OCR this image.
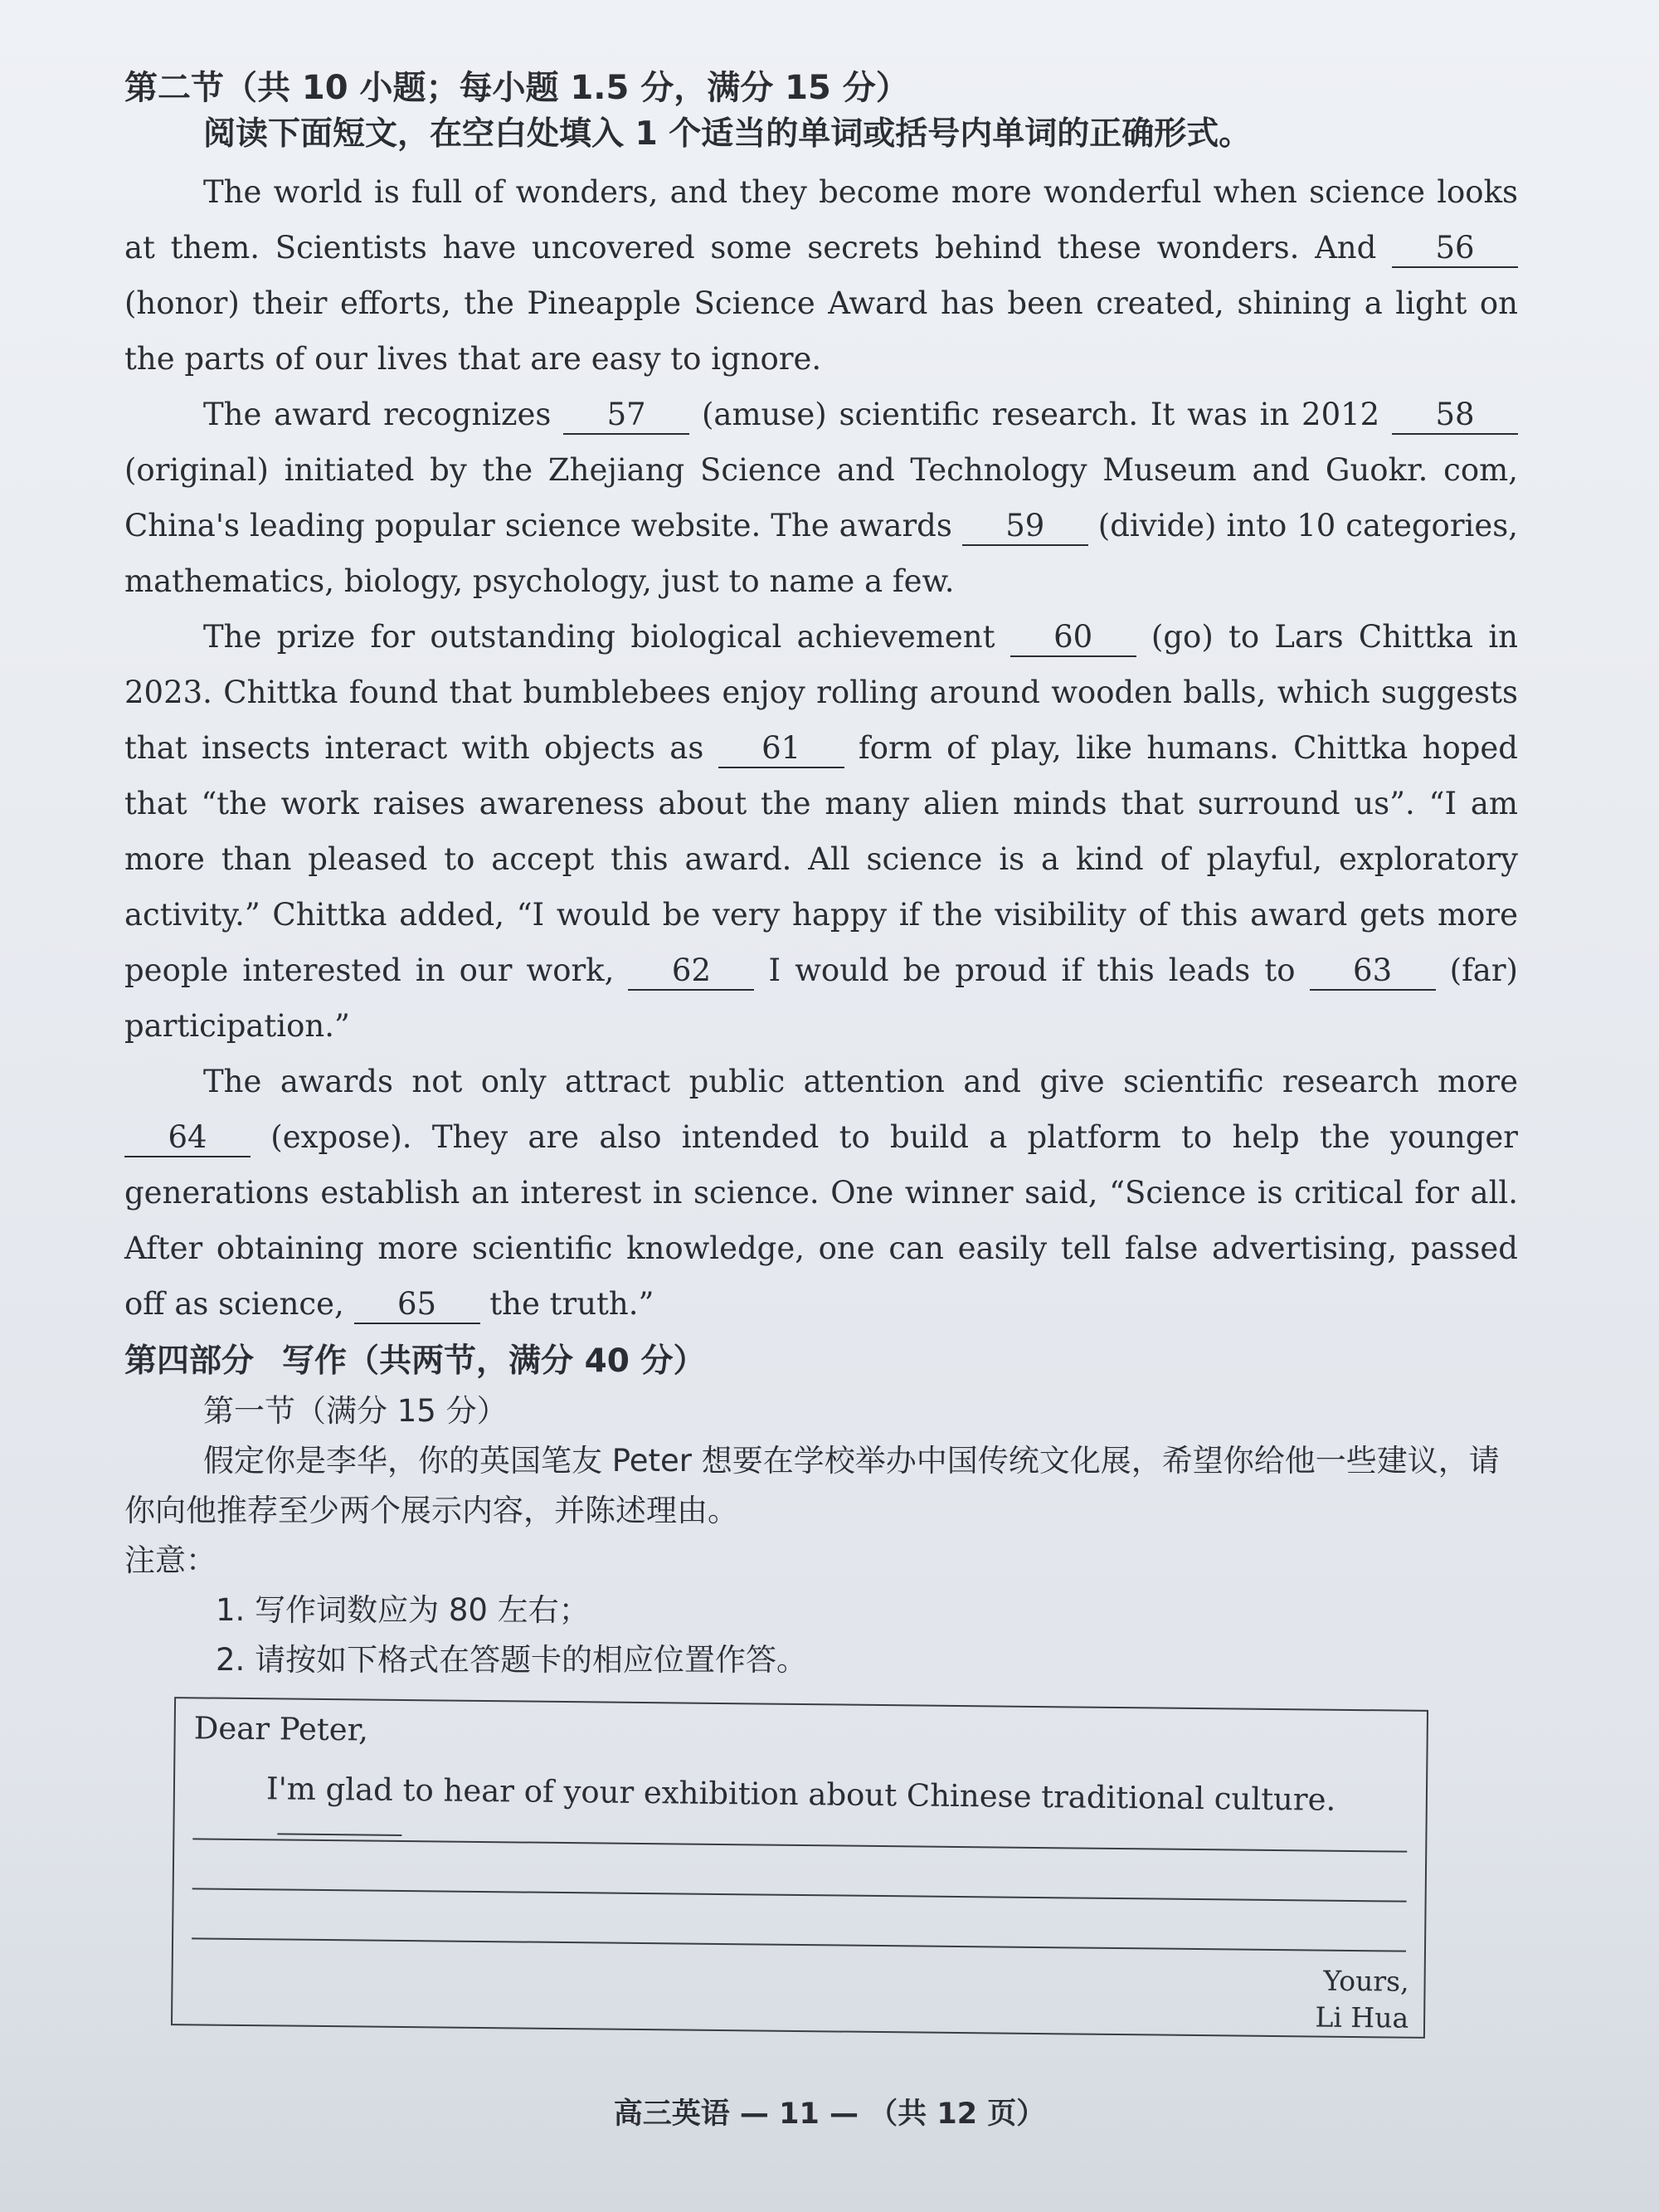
第二节（共 10 小题；每小题 1.5 分，满分 15 分）

阅读下面短文，在空白处填入 1 个适当的单词或括号内单词的正确形式。

The world is full of wonders, and they become more wonderful when science looks at them. Scientists have uncovered some secrets behind these wonders. And 56 (honor) their efforts, the Pineapple Science Award has been created, shining a light on the parts of our lives that are easy to ignore.

The award recognizes 57 (amuse) scientific research. It was in 2012 58 (original) initiated by the Zhejiang Science and Technology Museum and Guokr. com, China's leading popular science website. The awards 59 (divide) into 10 categories, mathematics, biology, psychology, just to name a few.

The prize for outstanding biological achievement 60 (go) to Lars Chittka in 2023. Chittka found that bumblebees enjoy rolling around wooden balls, which suggests that insects interact with objects as 61 form of play, like humans. Chittka hoped that “the work raises awareness about the many alien minds that surround us”. “I am more than pleased to accept this award. All science is a kind of playful, exploratory activity.” Chittka added, “I would be very happy if the visibility of this award gets more people interested in our work, 62 I would be proud if this leads to 63 (far) participation.”

The awards not only attract public attention and give scientific research more 64 (expose). They are also intended to build a platform to help the younger generations establish an interest in science. One winner said, “Science is critical for all. After obtaining more scientific knowledge, one can easily tell false advertising, passed off as science, 65 the truth.”

第四部分 写作（共两节，满分 40 分）

第一节（满分 15 分）

假定你是李华，你的英国笔友 Peter 想要在学校举办中国传统文化展，希望你给他一些建议，请你向他推荐至少两个展示内容，并陈述理由。

注意：

1. 写作词数应为 80 左右；

2. 请按如下格式在答题卡的相应位置作答。

Dear Peter,
I'm glad to hear of your exhibition about Chinese traditional culture.
Yours,
Li Hua
高三英语 — 11 — （共 12 页）
